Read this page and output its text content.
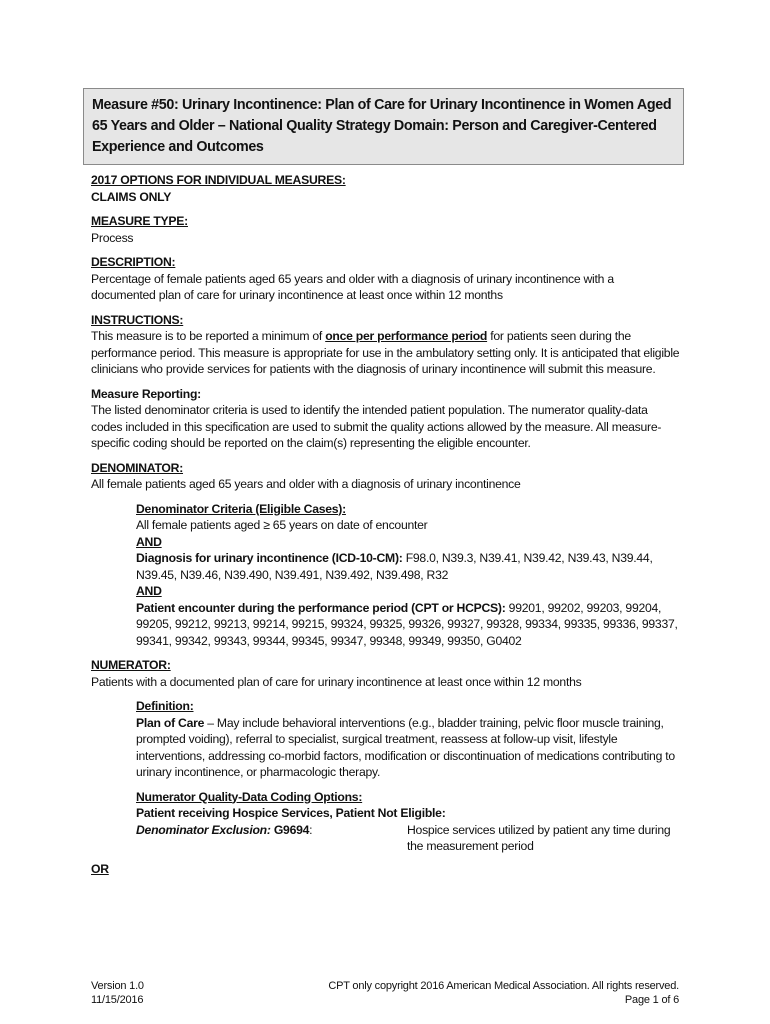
Measure #50: Urinary Incontinence: Plan of Care for Urinary Incontinence in Women Aged 65 Years and Older – National Quality Strategy Domain: Person and Caregiver-Centered Experience and Outcomes

2017 OPTIONS FOR INDIVIDUAL MEASURES:

CLAIMS ONLY

MEASURE TYPE:

Process

DESCRIPTION:

Percentage of female patients aged 65 years and older with a diagnosis of urinary incontinence with a documented plan of care for urinary incontinence at least once within 12 months

INSTRUCTIONS:

This measure is to be reported a minimum of once per performance period for patients seen during the performance period. This measure is appropriate for use in the ambulatory setting only. It is anticipated that eligible clinicians who provide services for patients with the diagnosis of urinary incontinence will submit this measure.

Measure Reporting:

The listed denominator criteria is used to identify the intended patient population. The numerator quality-data codes included in this specification are used to submit the quality actions allowed by the measure. All measure-specific coding should be reported on the claim(s) representing the eligible encounter.

DENOMINATOR:

All female patients aged 65 years and older with a diagnosis of urinary incontinence

Denominator Criteria (Eligible Cases):

All female patients aged ≥ 65 years on date of encounter

AND

Diagnosis for urinary incontinence (ICD-10-CM): F98.0, N39.3, N39.41, N39.42, N39.43, N39.44, N39.45, N39.46, N39.490, N39.491, N39.492, N39.498, R32

AND

Patient encounter during the performance period (CPT or HCPCS): 99201, 99202, 99203, 99204, 99205, 99212, 99213, 99214, 99215, 99324, 99325, 99326, 99327, 99328, 99334, 99335, 99336, 99337, 99341, 99342, 99343, 99344, 99345, 99347, 99348, 99349, 99350, G0402

NUMERATOR:

Patients with a documented plan of care for urinary incontinence at least once within 12 months

Definition:

Plan of Care – May include behavioral interventions (e.g., bladder training, pelvic floor muscle training, prompted voiding), referral to specialist, surgical treatment, reassess at follow-up visit, lifestyle interventions, addressing co-morbid factors, modification or discontinuation of medications contributing to urinary incontinence, or pharmacologic therapy.

Numerator Quality-Data Coding Options:

Patient receiving Hospice Services, Patient Not Eligible:

Denominator Exclusion: G9694:	Hospice services utilized by patient any time during the measurement period

OR

Version 1.0

11/15/2016

CPT only copyright 2016 American Medical Association. All rights reserved.

Page 1 of 6
